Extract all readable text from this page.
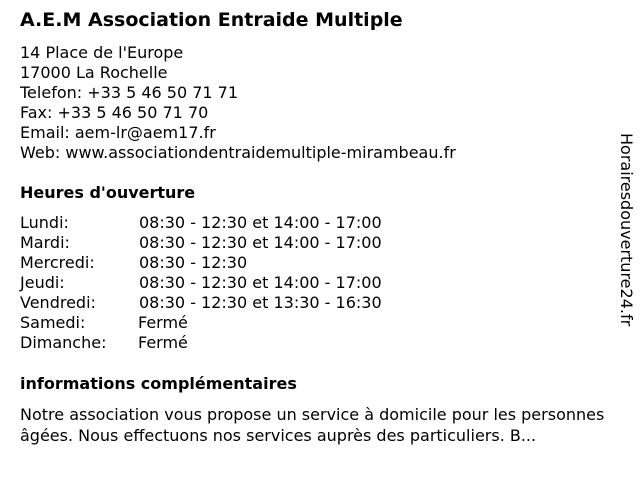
A.E.M Association Entraide Multiple
14 Place de l'Europe
17000 La Rochelle
Telefon: +33 5 46 50 71 71
Fax: +33 5 46 50 71 70
Email: aem-lr@aem17.fr
Web: www.associationdentraidemultiple-mirambeau.fr
Heures d'ouverture
Lundi:	08:30 - 12:30 et 14:00 - 17:00
Mardi:	08:30 - 12:30 et 14:00 - 17:00
Mercredi:	08:30 - 12:30
Jeudi:	08:30 - 12:30 et 14:00 - 17:00
Vendredi:	08:30 - 12:30 et 13:30 - 16:30
Samedi:	Fermé
Dimanche: Fermé
informations complémentaires
Notre association vous propose un service à domicile pour les personnes âgées. Nous effectuons nos services auprès des particuliers. B...
Horairesdouverture24.fr
